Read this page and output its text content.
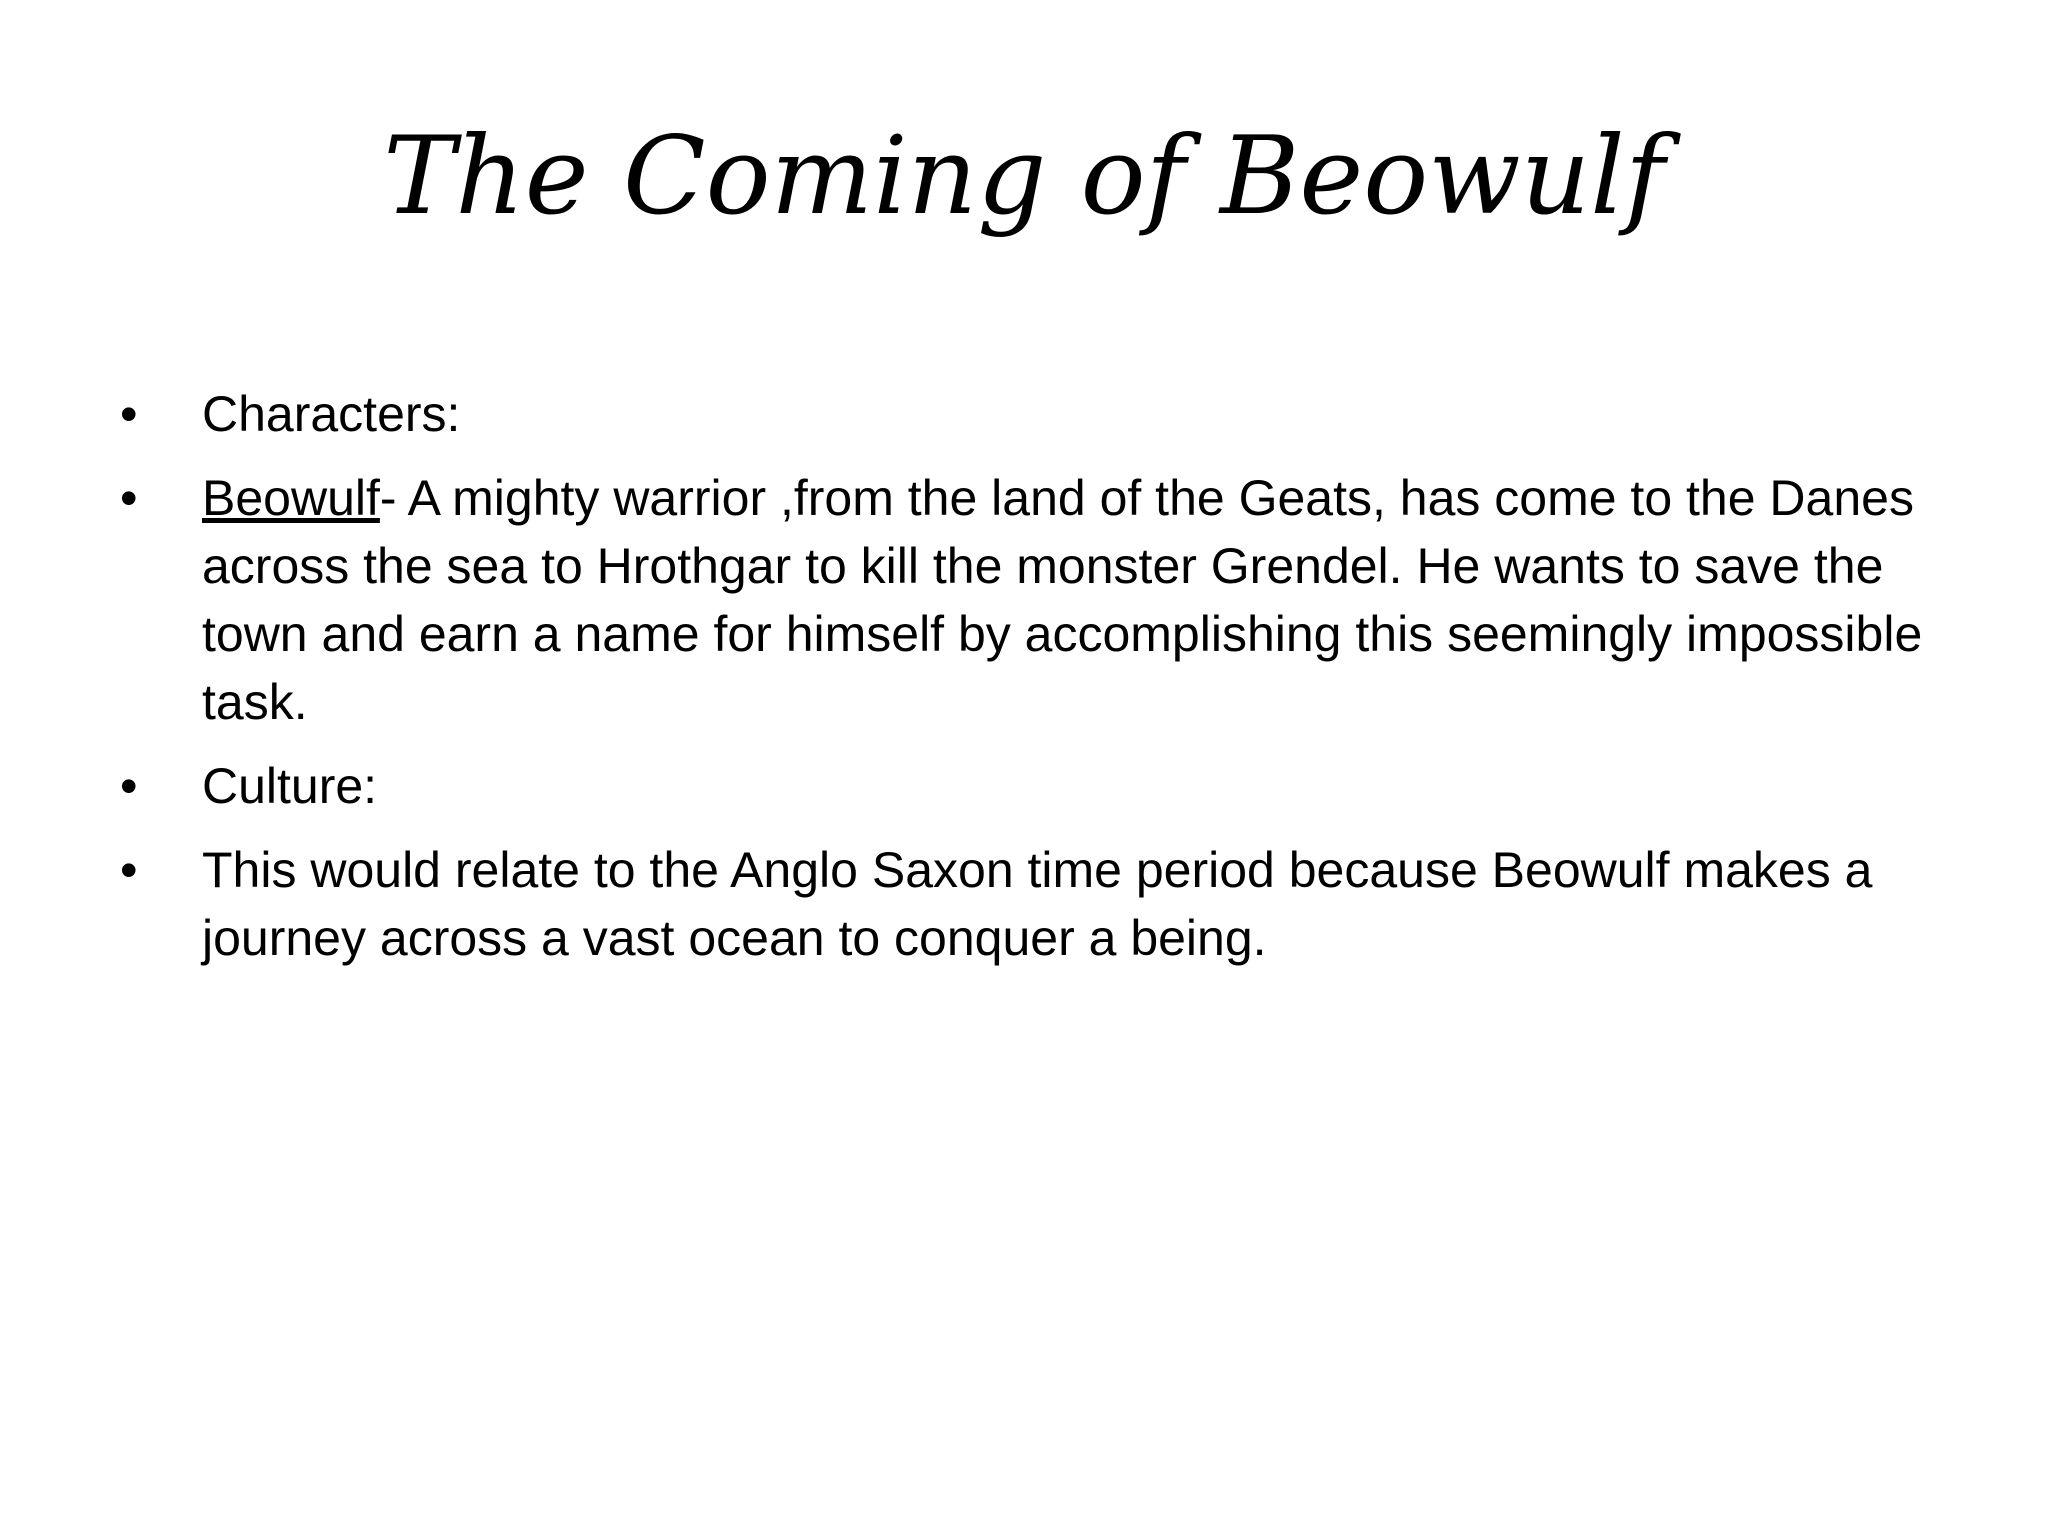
The Coming of Beowulf
•	Characters:
•	Beowulf- A mighty warrior ,from the land of the Geats, has come to the Danes across the sea to Hrothgar to kill the monster Grendel. He wants to save the town and earn a name for himself by accomplishing this seemingly impossible task.
•	Culture:
•	This would relate to the Anglo Saxon time period because Beowulf makes a journey across a vast ocean to conquer a being.
